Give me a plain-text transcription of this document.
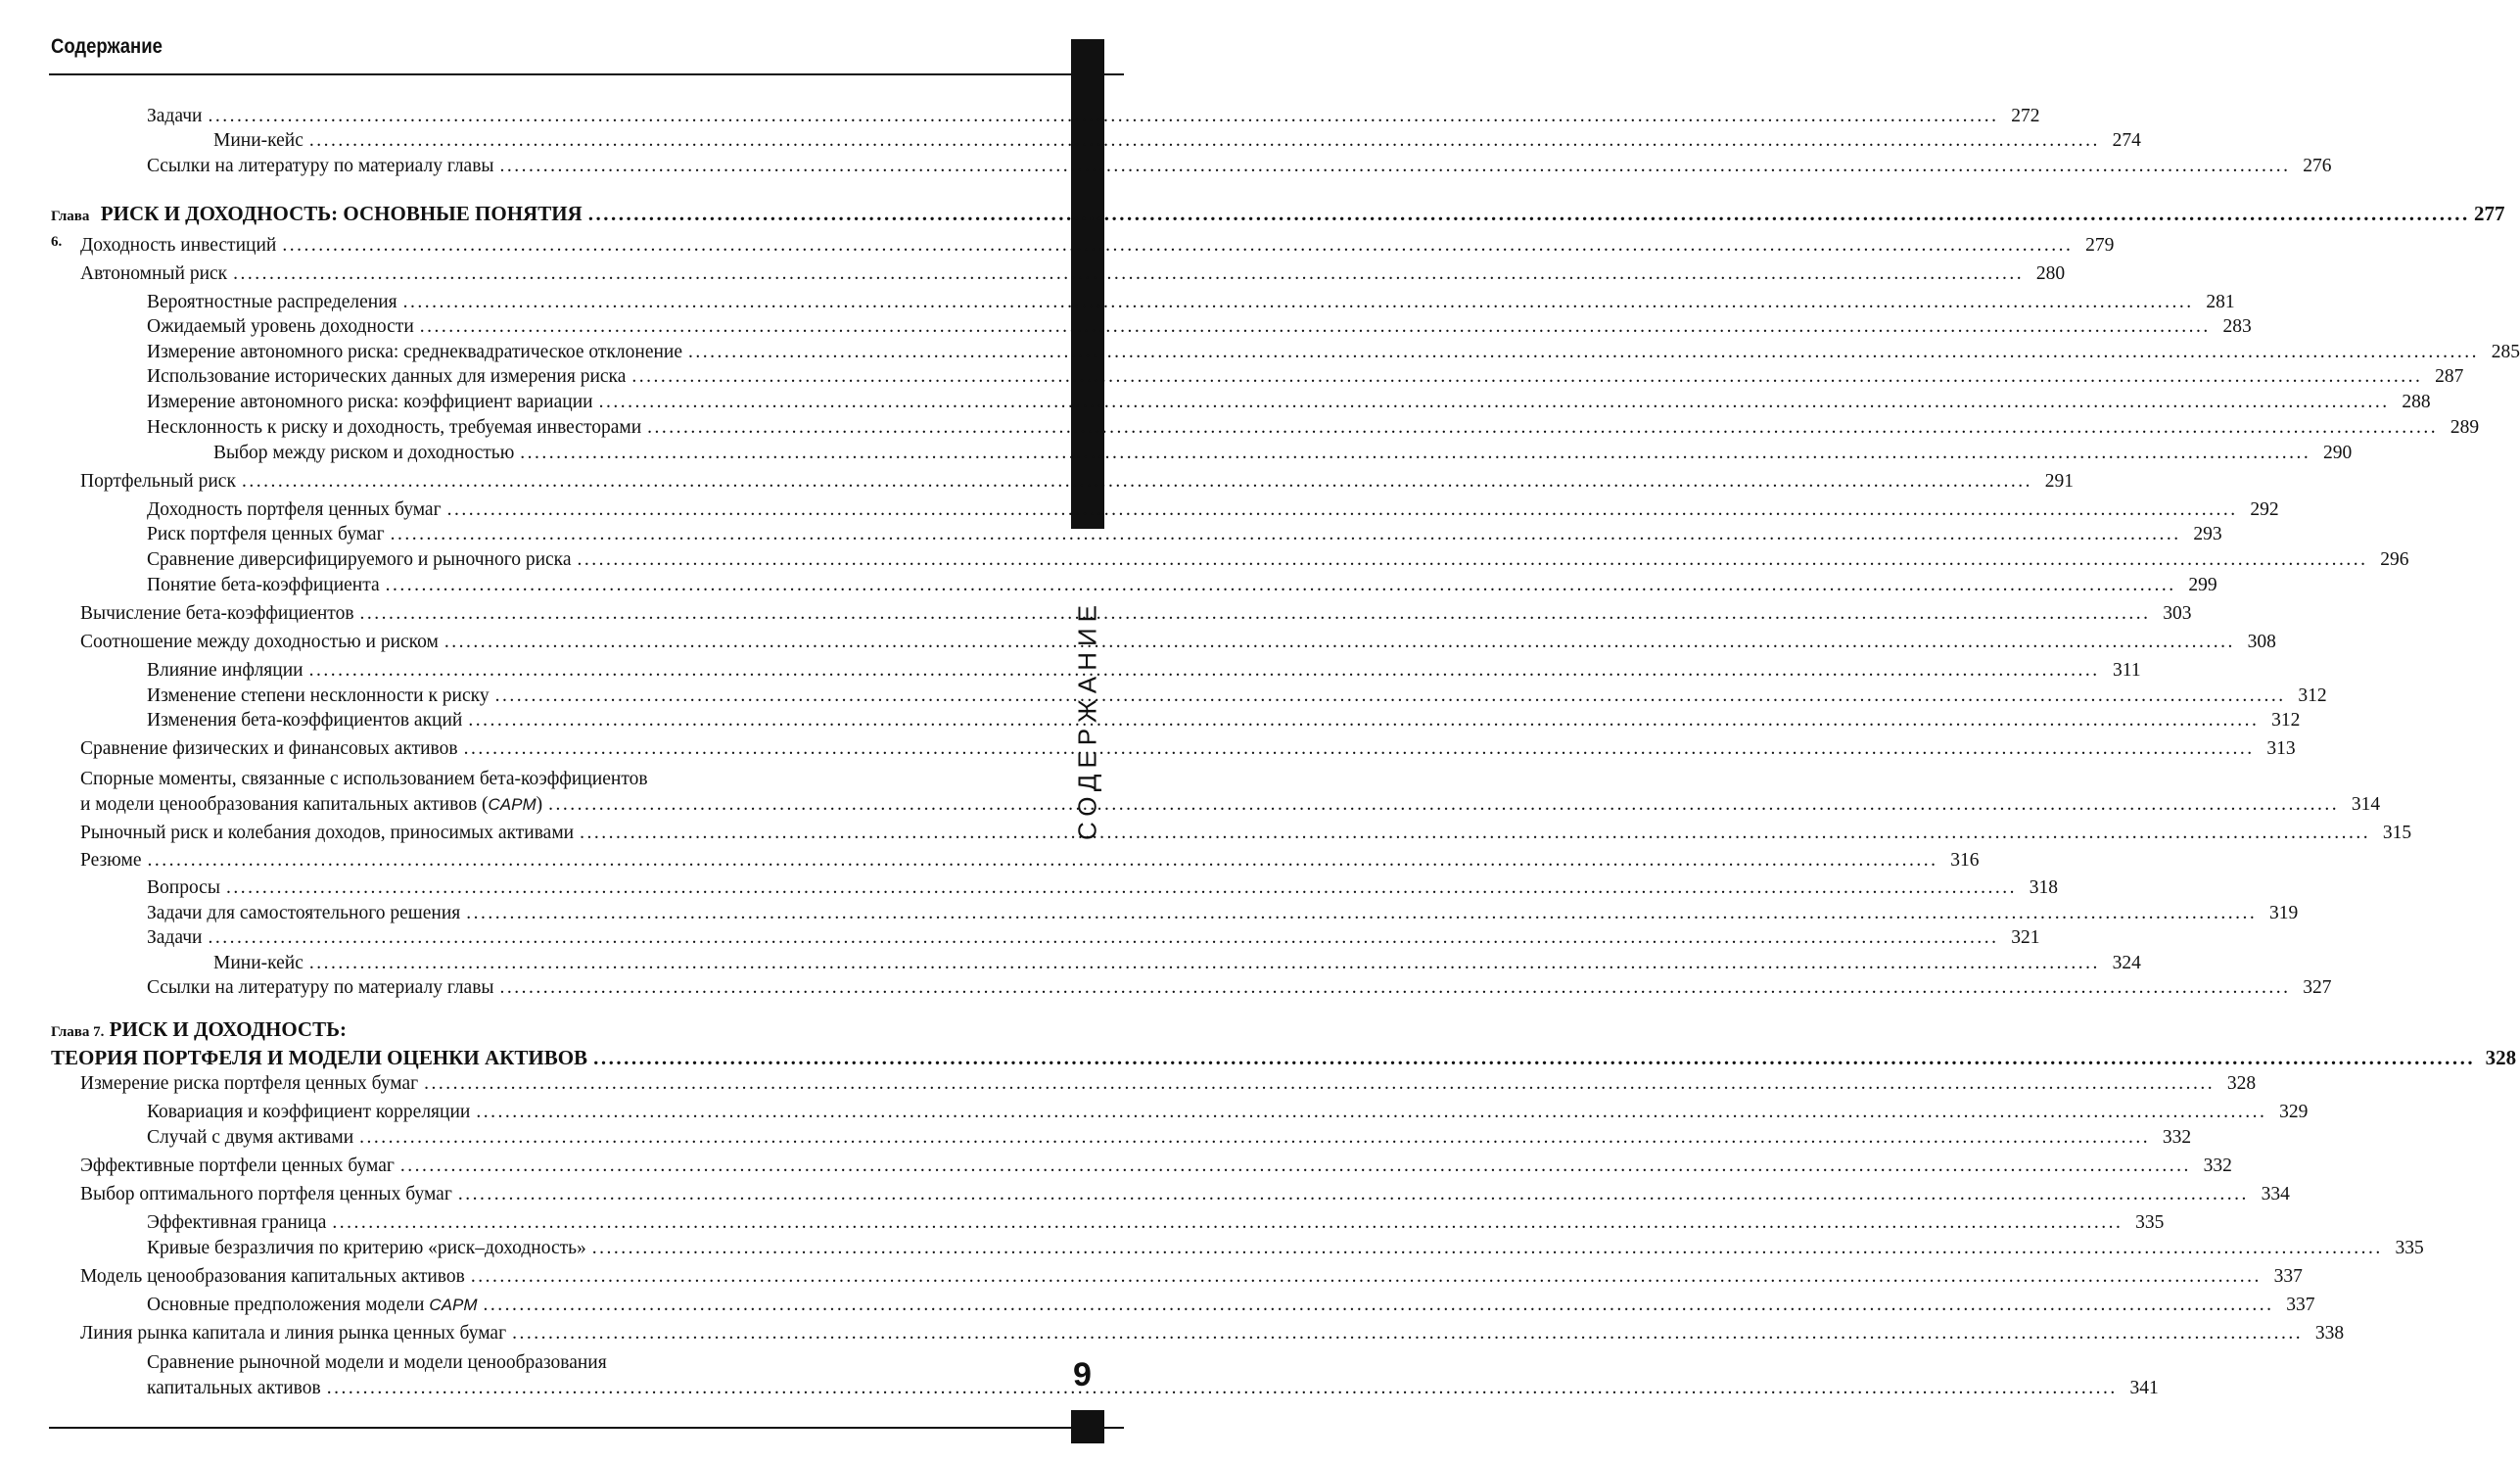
Содержание
СОДЕРЖАНИЕ
9
Задачи .....	272
Мини-кейс .....	274
Ссылки на литературу по материалу главы .....	276
Глава 6.
РИСК И ДОХОДНОСТЬ: ОСНОВНЫЕ ПОНЯТИЯ .....	277
Доходность инвестиций .....	279
Автономный риск .....	280
Вероятностные распределения .....	281
Ожидаемый уровень доходности .....	283
Измерение автономного риска: среднеквадратическое отклонение .....	285
Использование исторических данных для измерения риска .....	287
Измерение автономного риска: коэффициент вариации .....	288
Несклонность к риску и доходность, требуемая инвесторами .....	289
Выбор между риском и доходностью .....	290
Портфельный риск .....	291
Доходность портфеля ценных бумаг .....	292
Риск портфеля ценных бумаг .....	293
Сравнение диверсифицируемого и рыночного риска .....	296
Понятие бета-коэффициента .....	299
Вычисление бета-коэффициентов .....	303
Соотношение между доходностью и риском .....	308
Влияние инфляции .....	311
Изменение степени несклонности к риску .....	312
Изменения бета-коэффициентов акций .....	312
Сравнение физических и финансовых активов .....	313
Спорные моменты, связанные с использованием бета-коэффициентов
и модели ценообразования капитальных активов (CAPM) .....	314
Рыночный риск и колебания доходов, приносимых активами .....	315
Резюме .....	316
Вопросы .....	318
Задачи для самостоятельного решения .....	319
Задачи .....	321
Мини-кейс .....	324
Ссылки на литературу по материалу главы .....	327
Глава 7. РИСК И ДОХОДНОСТЬ:
ТЕОРИЯ ПОРТФЕЛЯ И МОДЕЛИ ОЦЕНКИ АКТИВОВ .....	328
Измерение риска портфеля ценных бумаг .....	328
Ковариация и коэффициент корреляции .....	329
Случай с двумя активами .....	332
Эффективные портфели ценных бумаг .....	332
Выбор оптимального портфеля ценных бумаг .....	334
Эффективная граница .....	335
Кривые безразличия по критерию «риск–доходность» .....	335
Модель ценообразования капитальных активов .....	337
Основные предположения модели CAPM .....	337
Линия рынка капитала и линия рынка ценных бумаг .....	338
Сравнение рыночной модели и модели ценообразования
капитальных активов .....	341
